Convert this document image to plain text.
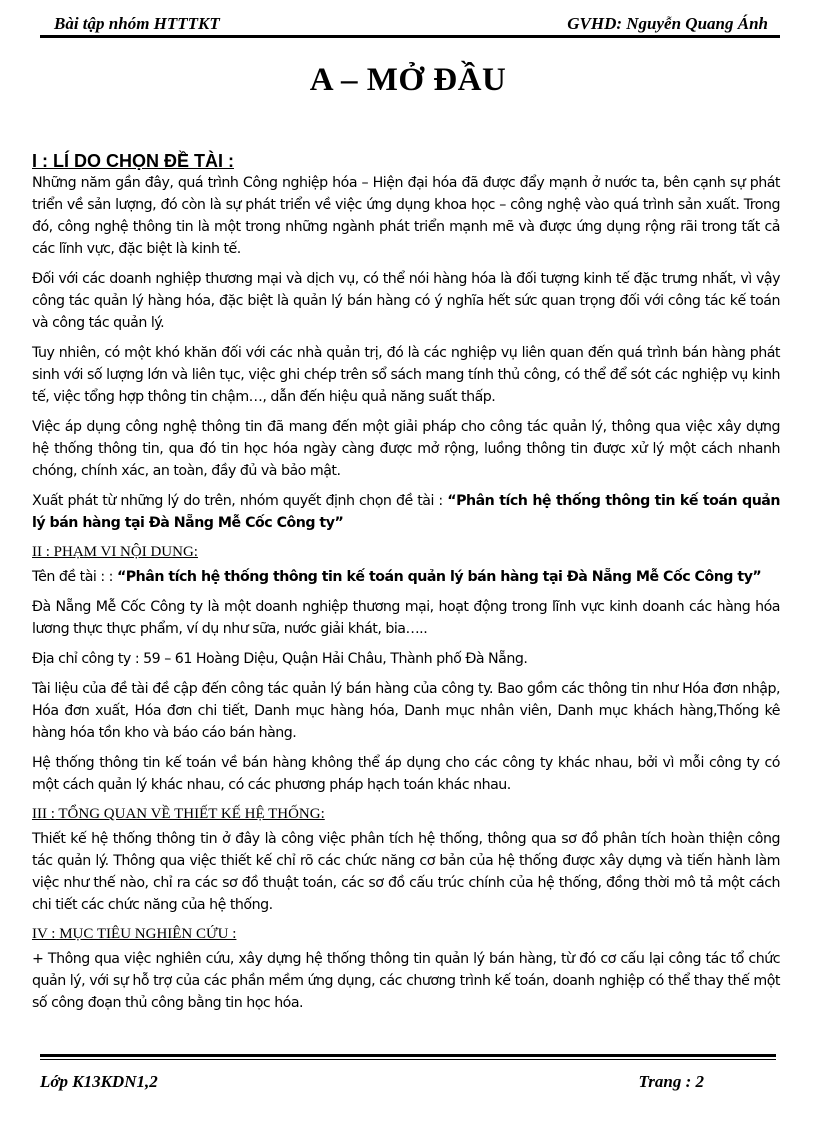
Bài tập nhóm HTTTKT	GVHD: Nguyễn Quang Ánh
A – MỞ ĐẦU
I : LÍ DO CHỌN ĐỀ TÀI :

Những năm gần đây, quá trình Công nghiệp hóa – Hiện đại hóa đã được đẩy mạnh ở nước ta, bên cạnh sự phát triển về sản lượng, đó còn là sự phát triển về việc ứng dụng khoa học – công nghệ vào quá trình sản xuất. Trong đó, công nghệ thông tin là một trong những ngành phát triển mạnh mẽ và được ứng dụng rộng rãi trong tất cả các lĩnh vực, đặc biệt là kinh tế.

Đối với các doanh nghiệp thương mại và dịch vụ, có thể nói hàng hóa là đối tượng kinh tế đặc trưng nhất, vì vậy công tác quản lý hàng hóa, đặc biệt là quản lý bán hàng có ý nghĩa hết sức quan trọng đối với công tác kế toán và công tác quản lý.

Tuy nhiên, có một khó khăn đối với các nhà quản trị, đó là các nghiệp vụ liên quan đến quá trình bán hàng phát sinh với số lượng lớn và liên tục, việc ghi chép trên sổ sách mang tính thủ công, có thể để sót các nghiệp vụ kinh tế, việc tổng hợp thông tin chậm…, dẫn đến hiệu quả năng suất thấp.

Việc áp dụng công nghệ thông tin đã mang đến một giải pháp cho công tác quản lý, thông qua việc xây dựng hệ thống thông tin, qua đó tin học hóa ngày càng được mở rộng, luồng thông tin được xử lý một cách nhanh chóng, chính xác, an toàn, đầy đủ và bảo mật.

Xuất phát từ những lý do trên, nhóm quyết định chọn đề tài : “Phân tích hệ thống thông tin kế toán quản lý bán hàng tại Đà Nẵng Mễ Cốc Công ty”

II : PHẠM VI NỘI DUNG:

Tên đề tài : : “Phân tích hệ thống thông tin kế toán quản lý bán hàng tại Đà Nẵng Mễ Cốc Công ty”

Đà Nẵng Mễ Cốc Công ty là một doanh nghiệp thương mại, hoạt động trong lĩnh vực kinh doanh các hàng hóa lương thực thực phẩm, ví dụ như sữa, nước giải khát, bia…..

Địa chỉ công ty : 59 – 61 Hoàng Diệu, Quận Hải Châu, Thành phố Đà Nẵng.

Tài liệu của đề tài đề cập đến công tác quản lý bán hàng của công ty. Bao gồm các thông tin như Hóa đơn nhập, Hóa đơn xuất, Hóa đơn chi tiết, Danh mục hàng hóa, Danh mục nhân viên, Danh mục khách hàng,Thống kê hàng hóa tồn kho và báo cáo bán hàng.

Hệ thống thông tin kế toán về bán hàng không thể áp dụng cho các công ty khác nhau, bởi vì mỗi công ty có một cách quản lý khác nhau, có các phương pháp hạch toán khác nhau.

III : TỔNG QUAN VỀ THIẾT KẾ HỆ THỐNG:

Thiết kế hệ thống thông tin ở đây là công việc phân tích hệ thống, thông qua sơ đồ phân tích hoàn thiện công tác quản lý. Thông qua việc thiết kế chỉ rõ các chức năng cơ bản của hệ thống được xây dựng và tiến hành làm việc như thế nào, chỉ ra các sơ đồ thuật toán, các sơ đồ cấu trúc chính của hệ thống, đồng thời mô tả một cách chi tiết các chức năng của hệ thống.

IV : MỤC TIÊU NGHIÊN CỨU :

+ Thông qua việc nghiên cứu, xây dựng hệ thống thông tin quản lý bán hàng, từ đó cơ cấu lại công tác tổ chức quản lý, với sự hỗ trợ của các phần mềm ứng dụng, các chương trình kế toán, doanh nghiệp có thể thay thế một số công đoạn thủ công bằng tin học hóa.

Lớp K13KDN1,2	Trang : 2
